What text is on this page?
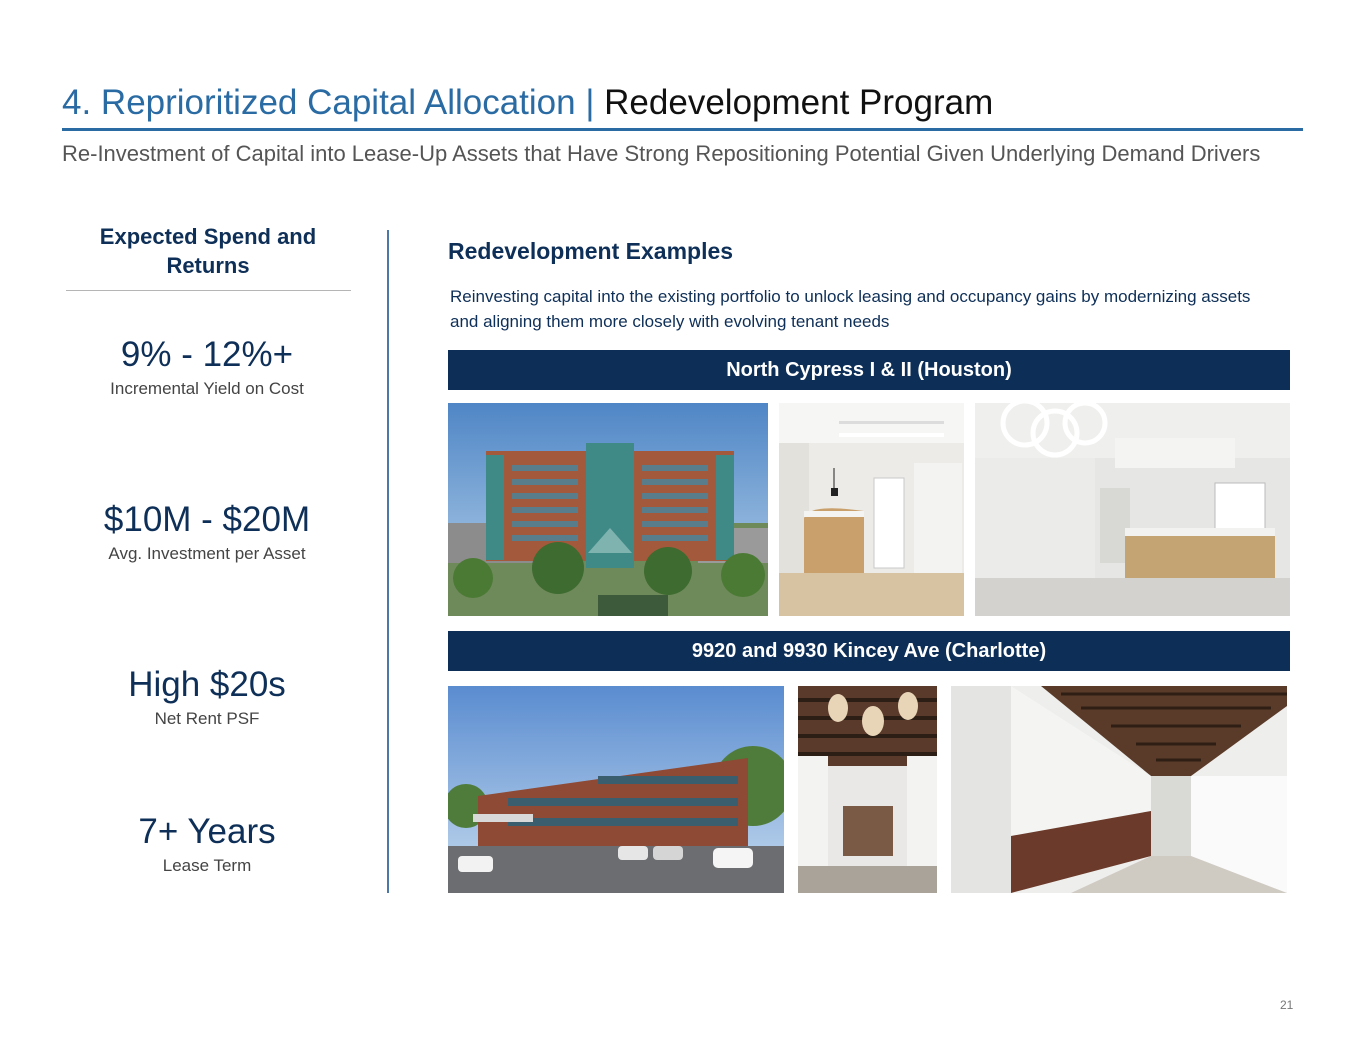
4. Reprioritized Capital Allocation | Redevelopment Program
Re-Investment of Capital into Lease-Up Assets that Have Strong Repositioning Potential Given Underlying Demand Drivers
Expected Spend and Returns
9% - 12%+
Incremental Yield on Cost
$10M - $20M
Avg. Investment per Asset
High $20s
Net Rent PSF
7+ Years
Lease Term
Redevelopment Examples
Reinvesting capital into the existing portfolio to unlock leasing and occupancy gains by modernizing assets and aligning them more closely with evolving tenant needs
North Cypress I & II (Houston)
9920 and 9930 Kincey Ave (Charlotte)
21
